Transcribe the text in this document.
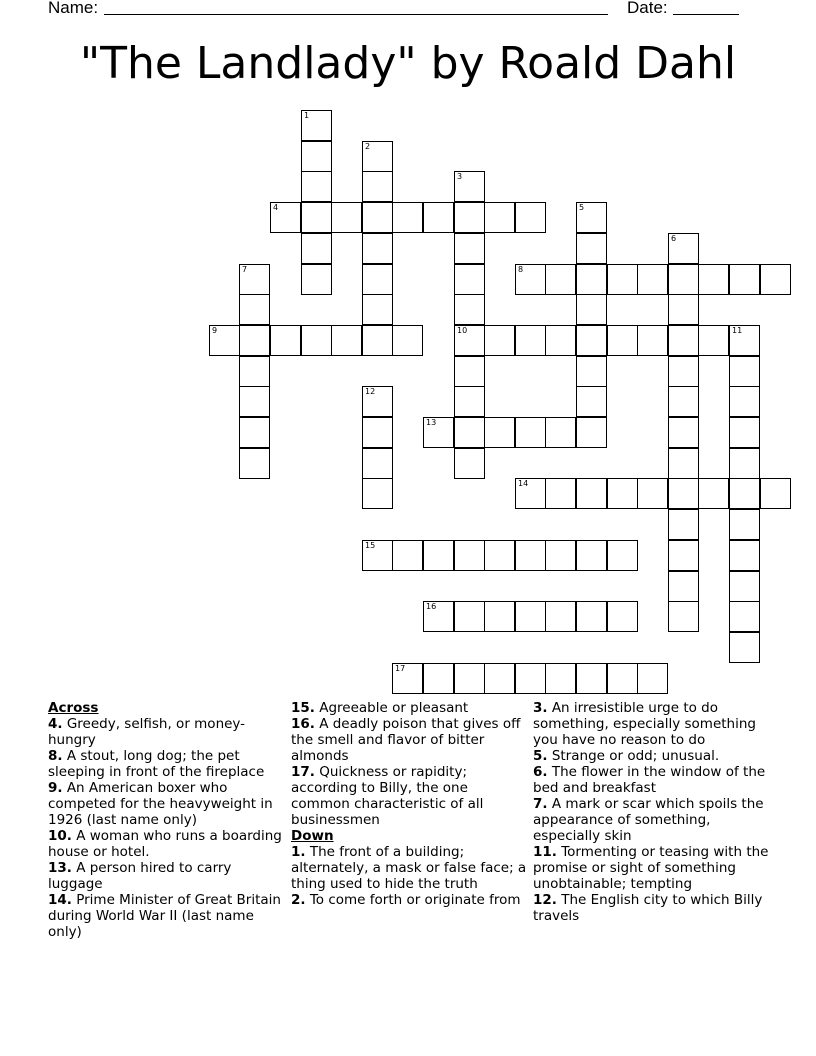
Name:	Date:
"The Landlady" by Roald Dahl
4
8
9	10
13
14
15
16
17
1
2
3
5
6
7
11
12
Across
4. Greedy, selfish, or money-hungry
8. A stout, long dog; the pet sleeping in front of the fireplace
9. An American boxer who competed for the heavyweight in 1926 (last name only)
10. A woman who runs a boarding house or hotel.
13. A person hired to carry luggage
14. Prime Minister of Great Britain during World War II (last name only)
15. Agreeable or pleasant
16. A deadly poison that gives off the smell and flavor of bitter almonds
17. Quickness or rapidity; according to Billy, the one common characteristic of all businessmen
Down
1. The front of a building; alternately, a mask or false face; a thing used to hide the truth
2. To come forth or originate from
3. An irresistible urge to do something, especially something you have no reason to do
5. Strange or odd; unusual.
6. The flower in the window of the bed and breakfast
7. A mark or scar which spoils the appearance of something, especially skin
11. Tormenting or teasing with the promise or sight of something unobtainable; tempting
12. The English city to which Billy travels
